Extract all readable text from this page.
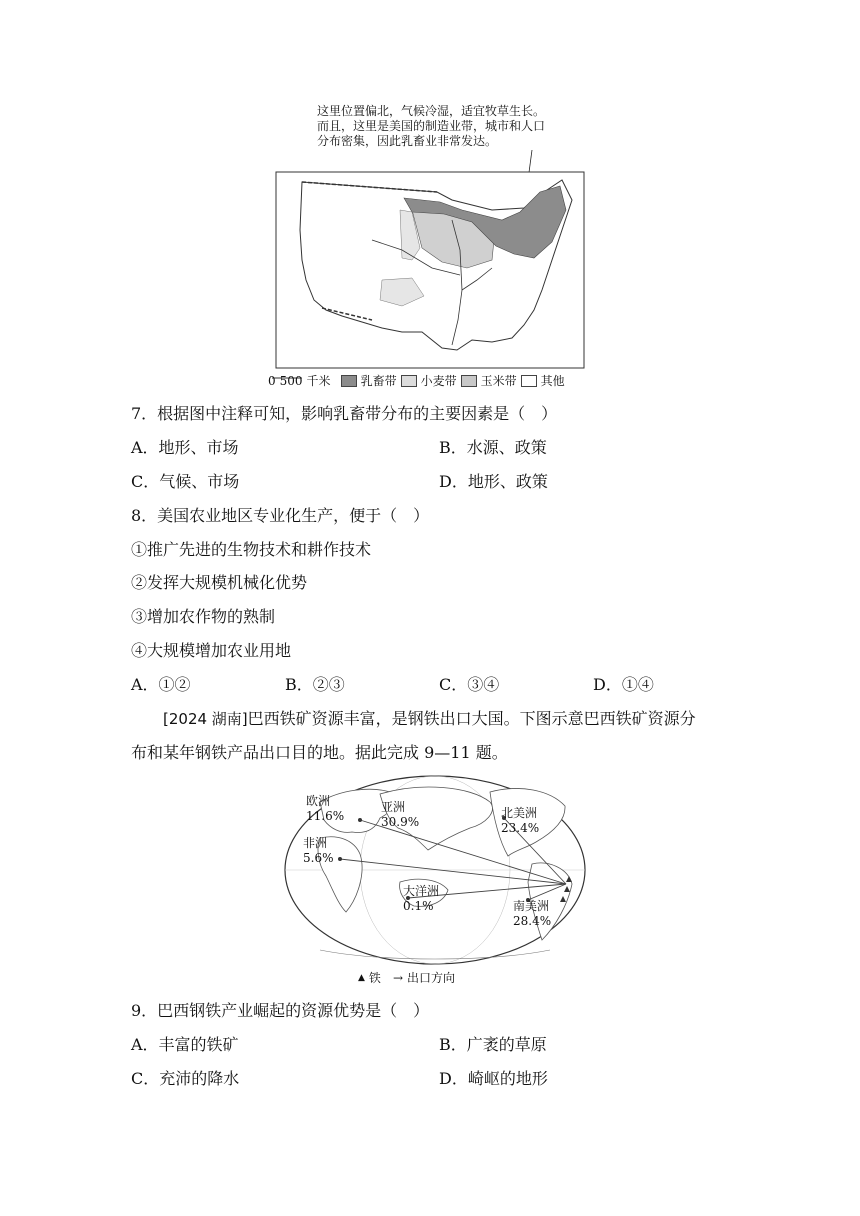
这里位置偏北，气候冷湿，适宜牧草生长。
而且，这里是美国的制造业带，城市和人口
分布密集，因此乳畜业非常发达。
0 500 千米	乳畜带 小麦带 玉米带 其他
7．根据图中注释可知，影响乳畜带分布的主要因素是（　）
A．地形、市场	B．水源、政策
C．气候、市场	D．地形、政策
8．美国农业地区专业化生产，便于（　）
①推广先进的生物技术和耕作技术
②发挥大规模机械化优势
③增加农作物的熟制
④大规模增加农业用地
A．①②	B．②③	C．③④	D．①④
[2024 湖南]巴西铁矿资源丰富，是钢铁出口大国。下图示意巴西铁矿资源分
布和某年钢铁产品出口目的地。据此完成 9—11 题。
欧洲
11.6%
亚洲
30.9%
北美洲
23.4%
非洲
5.6%
大洋洲
0.1%	南美洲
28.4%
▲ 铁 → 出口方向
9．巴西钢铁产业崛起的资源优势是（　）
A．丰富的铁矿	B．广袤的草原
C．充沛的降水	D．崎岖的地形
